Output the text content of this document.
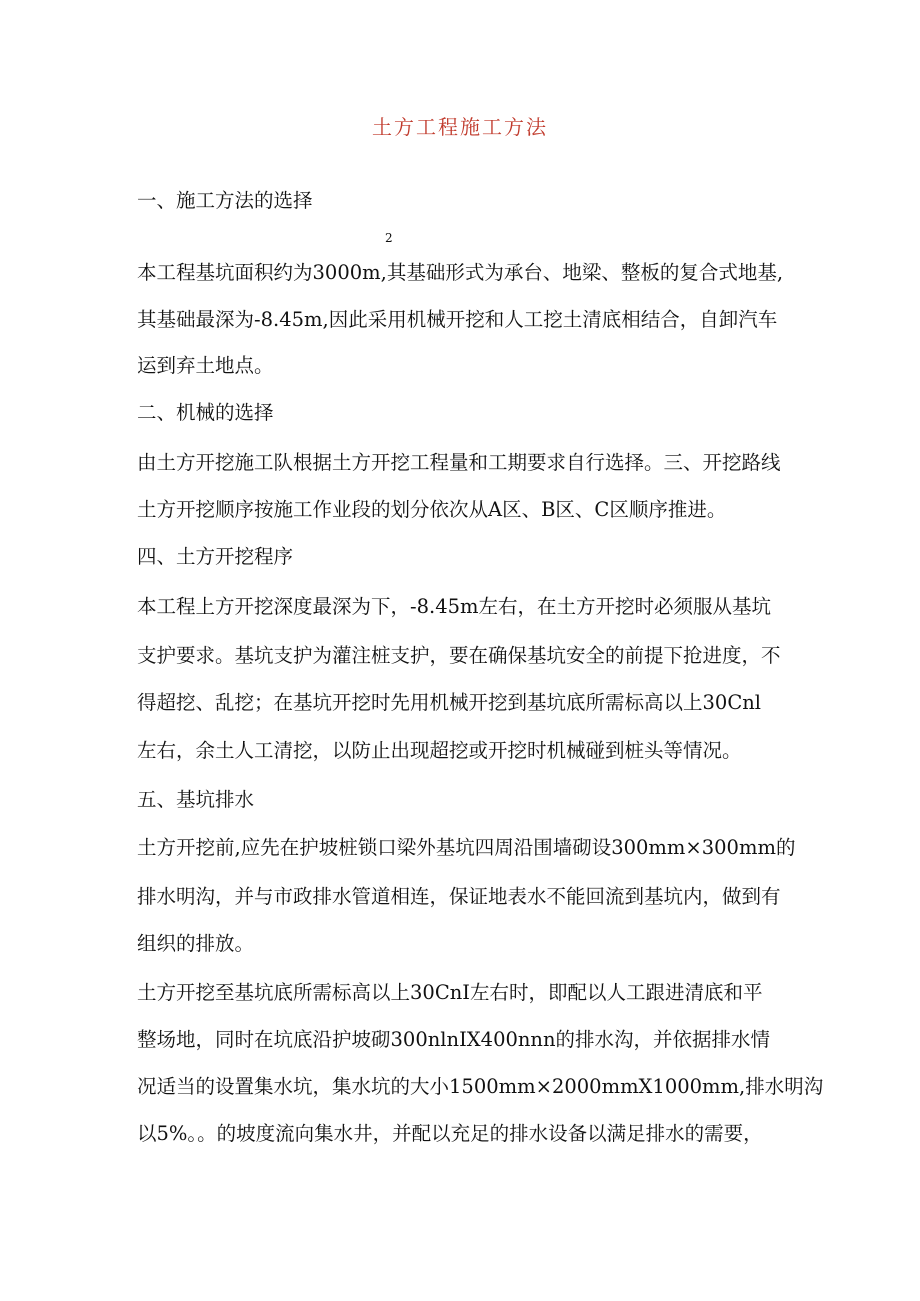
土方工程施工方法
一、施工方法的选择
2
本工程基坑面积约为3000m,其基础形式为承台、地梁、整板的复合式地基,
其基础最深为-8.45m,因此采用机械开挖和人工挖土清底相结合，自卸汽车
运到弃土地点。
二、机械的选择
由土方开挖施工队根据土方开挖工程量和工期要求自行选择。三、开挖路线
土方开挖顺序按施工作业段的划分依次从A区、B区、C区顺序推进。
四、土方开挖程序
本工程上方开挖深度最深为下，-8.45m左右，在土方开挖时必须服从基坑
支护要求。基坑支护为灌注桩支护，要在确保基坑安全的前提下抢进度，不
得超挖、乱挖；在基坑开挖时先用机械开挖到基坑底所需标高以上30Cnl
左右，余土人工清挖，以防止出现超挖或开挖时机械碰到桩头等情况。
五、基坑排水
土方开挖前,应先在护坡桩锁口梁外基坑四周沿围墙砌设300mm×300mm的
排水明沟，并与市政排水管道相连，保证地表水不能回流到基坑内，做到有
组织的排放。
土方开挖至基坑底所需标高以上30CnI左右时，即配以人工跟进清底和平
整场地，同时在坑底沿护坡砌300nlnIX400nnn的排水沟，并依据排水情
况适当的设置集水坑，集水坑的大小1500mm×2000mmX1000mm,排水明沟
以5%。。的坡度流向集水井，并配以充足的排水设备以满足排水的需要，
